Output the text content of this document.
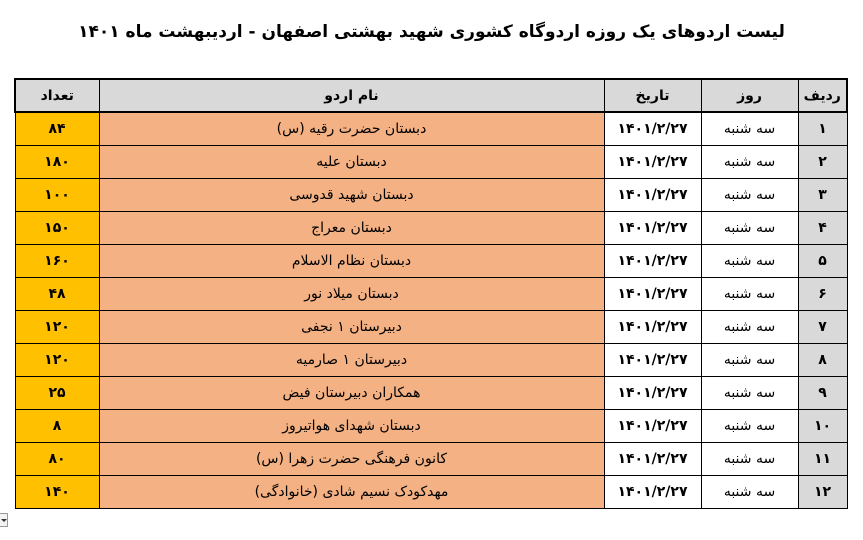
لیست اردوهای یک روزه اردوگاه کشوری شهید بهشتی اصفهان - اردیبهشت ماه ۱۴۰۱
تعداد	نام اردو	تاریخ	روز	ردیف
۸۴	دبستان حضرت رقیه (س)	۱۴۰۱/۲/۲۷	سه شنبه	۱
۱۸۰	دبستان علیه	۱۴۰۱/۲/۲۷	سه شنبه	۲
۱۰۰	دبستان شهید قدوسی	۱۴۰۱/۲/۲۷	سه شنبه	۳
۱۵۰	دبستان معراج	۱۴۰۱/۲/۲۷	سه شنبه	۴
۱۶۰	دبستان نظام الاسلام	۱۴۰۱/۲/۲۷	سه شنبه	۵
۴۸	دبستان میلاد نور	۱۴۰۱/۲/۲۷	سه شنبه	۶
۱۲۰	دبیرستان ۱ نجفی	۱۴۰۱/۲/۲۷	سه شنبه	۷
۱۲۰	دبیرستان ۱ صارمیه	۱۴۰۱/۲/۲۷	سه شنبه	۸
۲۵	همکاران دبیرستان فیض	۱۴۰۱/۲/۲۷	سه شنبه	۹
۸	دبستان شهدای هواتیروز	۱۴۰۱/۲/۲۷	سه شنبه	۱۰
۸۰	کانون فرهنگی حضرت زهرا (س)	۱۴۰۱/۲/۲۷	سه شنبه	۱۱
۱۴۰	مهدکودک نسیم شادی (خانوادگی)	۱۴۰۱/۲/۲۷	سه شنبه	۱۲
